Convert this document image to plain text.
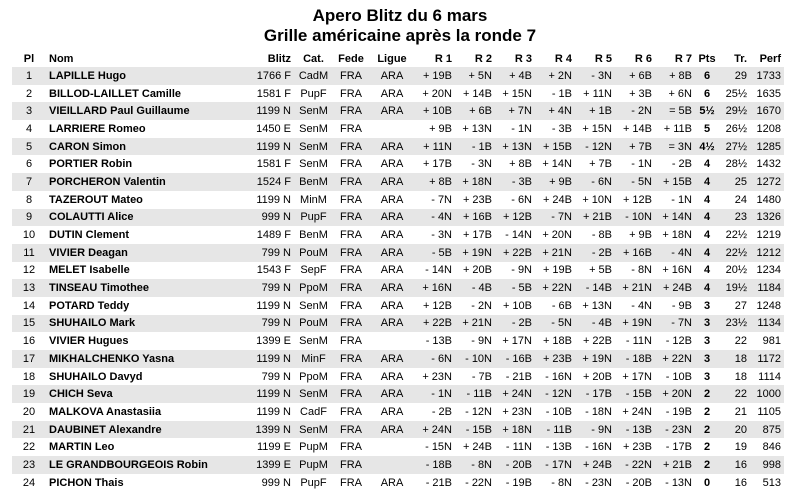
Apero Blitz du 6 mars
Grille américaine après la ronde 7
Pl	Nom	Blitz	Cat.	Fede	Ligue	R 1	R 2	R 3	R 4	R 5	R 6	R 7	Pts	Tr.	Perf
1	LAPILLE Hugo	1766 F	CadM	FRA	ARA	+ 19B	+ 5N	+ 4B	+ 2N	- 3N	+ 6B	+ 8B	6	29	1733
2	BILLOD-LAILLET Camille	1581 F	PupF	FRA	ARA	+ 20N	+ 14B	+ 15N	- 1B	+ 11N	+ 3B	+ 6N	6	25½	1635
3	VIEILLARD Paul Guillaume	1199 N	SenM	FRA	ARA	+ 10B	+ 6B	+ 7N	+ 4N	+ 1B	- 2N	= 5B	5½	29½	1670
4	LARRIERE Romeo	1450 E	SenM	FRA		+ 9B	+ 13N	- 1N	- 3B	+ 15N	+ 14B	+ 11B	5	26½	1208
5	CARON Simon	1199 N	SenM	FRA	ARA	+ 11N	- 1B	+ 13N	+ 15B	- 12N	+ 7B	= 3N	4½	27½	1285
6	PORTIER Robin	1581 F	SenM	FRA	ARA	+ 17B	- 3N	+ 8B	+ 14N	+ 7B	- 1N	- 2B	4	28½	1432
7	PORCHERON Valentin	1524 F	BenM	FRA	ARA	+ 8B	+ 18N	- 3B	+ 9B	- 6N	- 5N	+ 15B	4	25	1272
8	TAZEROUT Mateo	1199 N	MinM	FRA	ARA	- 7N	+ 23B	- 6N	+ 24B	+ 10N	+ 12B	- 1N	4	24	1480
9	COLAUTTI Alice	999 N	PupF	FRA	ARA	- 4N	+ 16B	+ 12B	- 7N	+ 21B	- 10N	+ 14N	4	23	1326
10	DUTIN Clement	1489 F	BenM	FRA	ARA	- 3N	+ 17B	- 14N	+ 20N	- 8B	+ 9B	+ 18N	4	22½	1219
11	VIVIER Deagan	799 N	PouM	FRA	ARA	- 5B	+ 19N	+ 22B	+ 21N	- 2B	+ 16B	- 4N	4	22½	1212
12	MELET Isabelle	1543 F	SepF	FRA	ARA	- 14N	+ 20B	- 9N	+ 19B	+ 5B	- 8N	+ 16N	4	20½	1234
13	TINSEAU Timothee	799 N	PpoM	FRA	ARA	+ 16N	- 4B	- 5B	+ 22N	- 14B	+ 21N	+ 24B	4	19½	1184
14	POTARD Teddy	1199 N	SenM	FRA	ARA	+ 12B	- 2N	+ 10B	- 6B	+ 13N	- 4N	- 9B	3	27	1248
15	SHUHAILO Mark	799 N	PouM	FRA	ARA	+ 22B	+ 21N	- 2B	- 5N	- 4B	+ 19N	- 7N	3	23½	1134
16	VIVIER Hugues	1399 E	SenM	FRA		- 13B	- 9N	+ 17N	+ 18B	+ 22B	- 11N	- 12B	3	22	981
17	MIKHALCHENKO Yasna	1199 N	MinF	FRA	ARA	- 6N	- 10N	- 16B	+ 23B	+ 19N	- 18B	+ 22N	3	18	1172
18	SHUHAILO Davyd	799 N	PpoM	FRA	ARA	+ 23N	- 7B	- 21B	- 16N	+ 20B	+ 17N	- 10B	3	18	1114
19	CHICH Seva	1199 N	SenM	FRA	ARA	- 1N	- 11B	+ 24N	- 12N	- 17B	- 15B	+ 20N	2	22	1000
20	MALKOVA Anastasiia	1199 N	CadF	FRA	ARA	- 2B	- 12N	+ 23N	- 10B	- 18N	+ 24N	- 19B	2	21	1105
21	DAUBINET Alexandre	1399 N	SenM	FRA	ARA	+ 24N	- 15B	+ 18N	- 11B	- 9N	- 13B	- 23N	2	20	875
22	MARTIN Leo	1199 E	PupM	FRA		- 15N	+ 24B	- 11N	- 13B	- 16N	+ 23B	- 17B	2	19	846
23	LE GRANDBOURGEOIS Robin	1399 E	PupM	FRA		- 18B	- 8N	- 20B	- 17N	+ 24B	- 22N	+ 21B	2	16	998
24	PICHON Thais	999 N	PupF	FRA	ARA	- 21B	- 22N	- 19B	- 8N	- 23N	- 20B	- 13N	0	16	513
